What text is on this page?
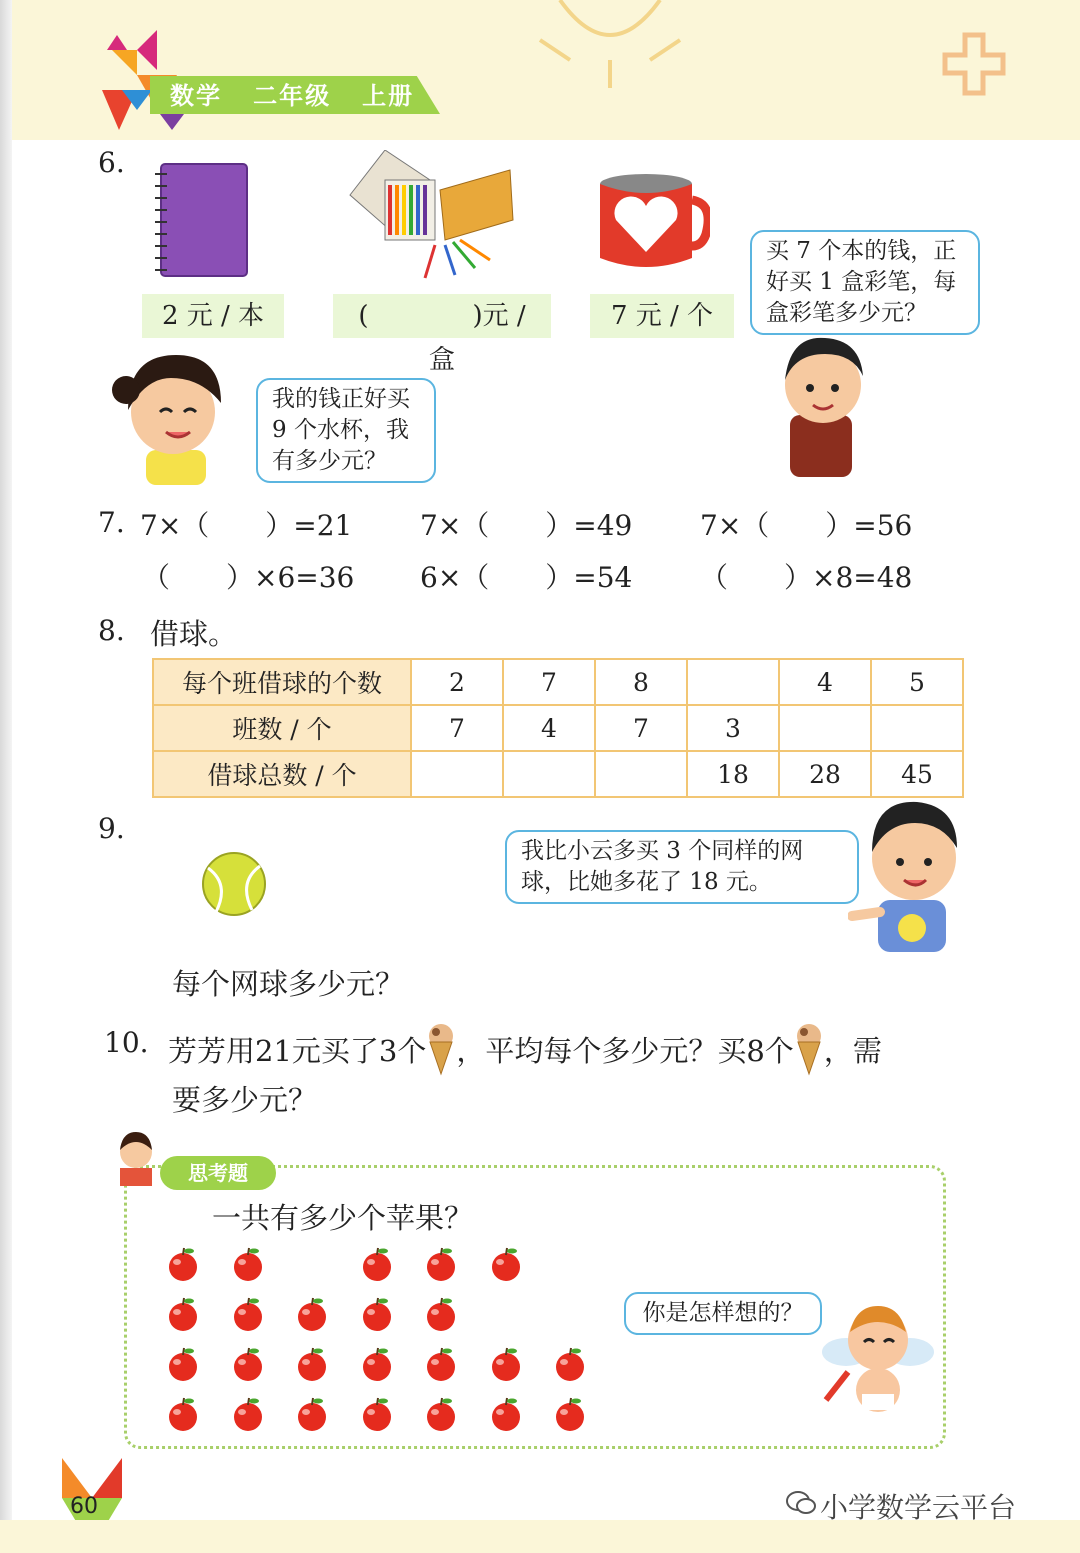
数学 二年级 上册
6.
2 元 / 本	(　　　　)元 / 盒
7 元 / 个
买 7 个本的钱，正好买 1 盒彩笔，每盒彩笔多少元？
我的钱正好买 9 个水杯，我有多少元？
7. 7×（　　）=21 7×（　　）=49 7×（　　）=56
（　　）×6=36 6×（　　）=54 （　　）×8=48
8. 借球。
每个班借球的个数	2	7	8		4	5
班数 / 个	7	4	7	3		
借球总数 / 个				18	28	45
9.
我比小云多买 3 个同样的网球，比她多花了 18 元。
每个网球多少元？
10. 芳芳用21元买了3个 ，平均每个多少元？买8个 ，需
要多少元？
思考题
一共有多少个苹果？
你是怎样想的？
60	小学数学云平台
